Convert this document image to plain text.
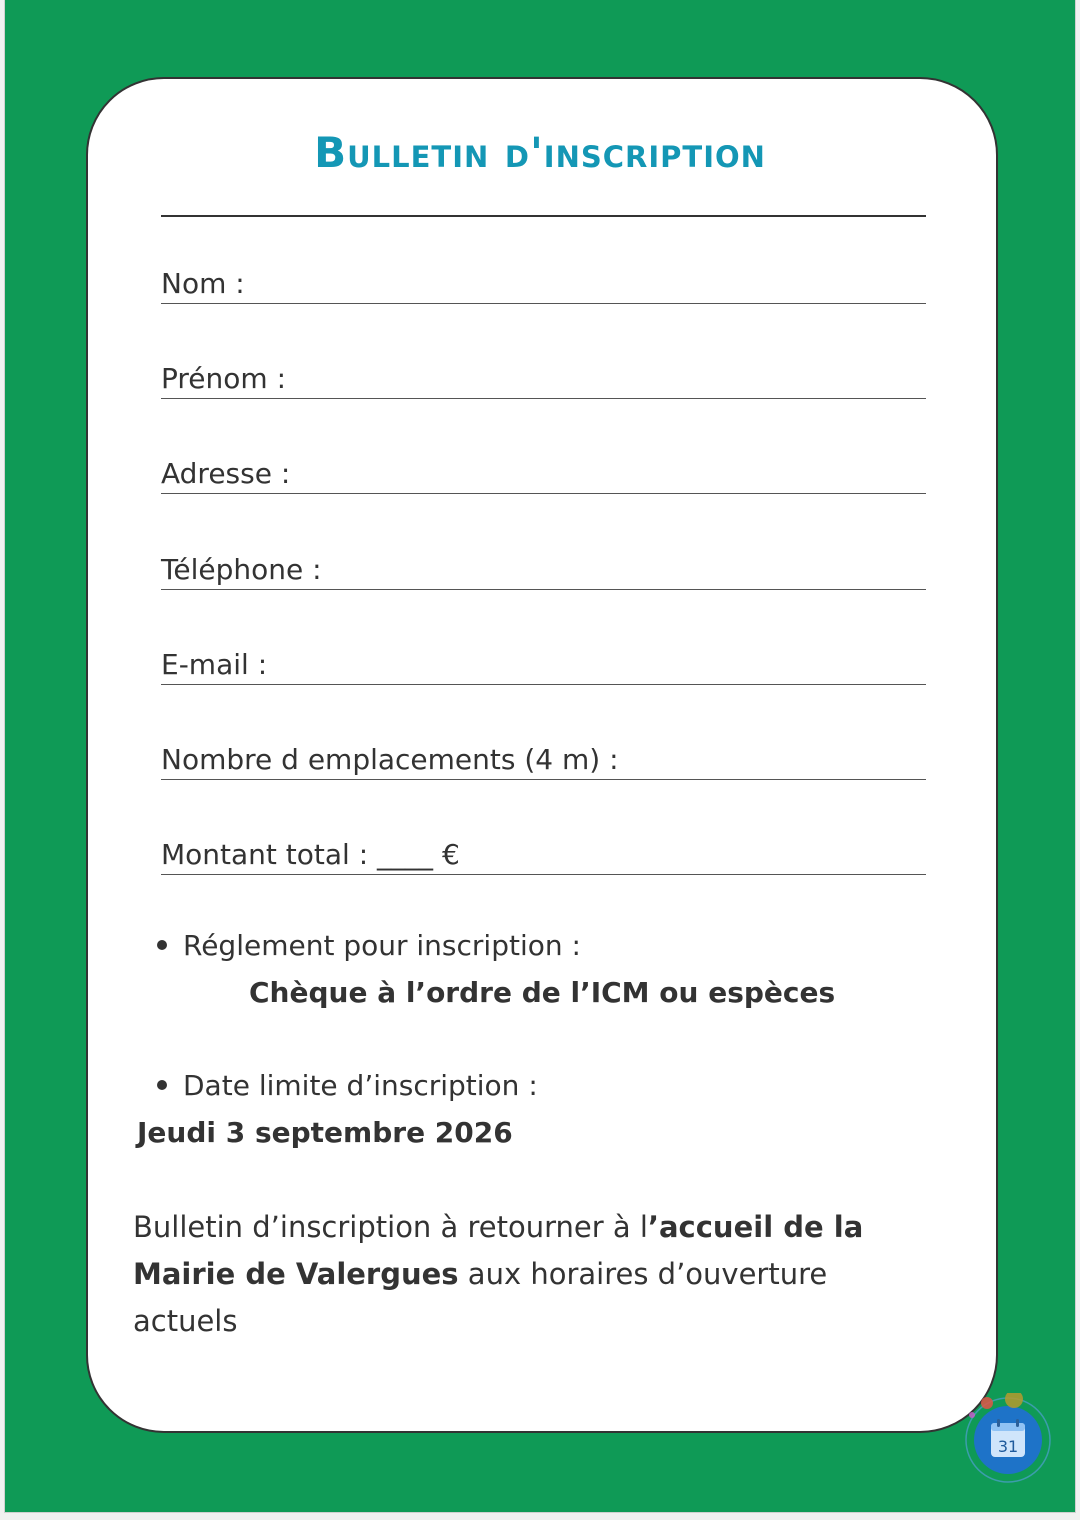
Bulletin d'inscription
Nom :
Prénom :
Adresse :
Téléphone :
E-mail :
Nombre d emplacements (4 m) :
Montant total : ____ €
Réglement pour inscription :
Chèque à l’ordre de l’ICM ou espèces
Date limite d’inscription :
Jeudi 3 septembre 2026
Bulletin d’inscription à retourner à l’accueil de la Mairie de Valergues aux horaires d’ouverture actuels
31
